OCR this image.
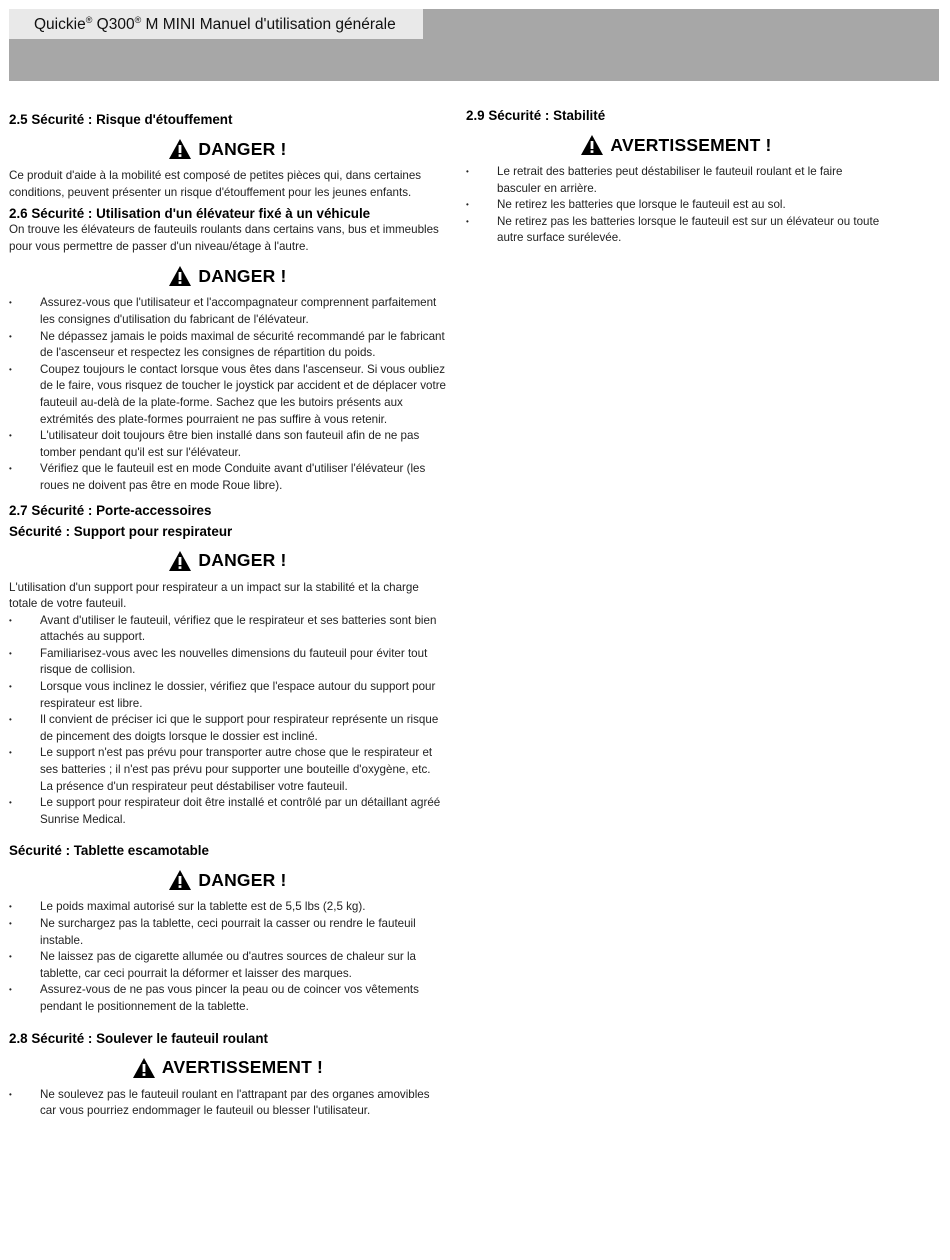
Quickie® Q300® M MINI Manuel d'utilisation générale
2.5 Sécurité : Risque d'étouffement
DANGER !

Ce produit d'aide à la mobilité est composé de petites pièces qui, dans certaines conditions, peuvent présenter un risque d'étouffement pour les jeunes enfants.

2.6 Sécurité : Utilisation d'un élévateur fixé à un véhicule

On trouve les élévateurs de fauteuils roulants dans certains vans, bus et immeubles pour vous permettre de passer d'un niveau/étage à l'autre.

DANGER !
• Assurez-vous que l'utilisateur et l'accompagnateur comprennent parfaitement les consignes d'utilisation du fabricant de l'élévateur.
• Ne dépassez jamais le poids maximal de sécurité recommandé par le fabricant de l'ascenseur et respectez les consignes de répartition du poids.
• Coupez toujours le contact lorsque vous êtes dans l'ascenseur. Si vous oubliez de le faire, vous risquez de toucher le joystick par accident et de déplacer votre fauteuil au-delà de la plate-forme. Sachez que les butoirs présents aux extrémités des plate-formes pourraient ne pas suffire à vous retenir.
• L'utilisateur doit toujours être bien installé dans son fauteuil afin de ne pas tomber pendant qu'il est sur l'élévateur.
• Vérifiez que le fauteuil est en mode Conduite avant d'utiliser l'élévateur (les roues ne doivent pas être en mode Roue libre).
2.7 Sécurité : Porte-accessoires
Sécurité : Support pour respirateur
DANGER !

L'utilisation d'un support pour respirateur a un impact sur la stabilité et la charge totale de votre fauteuil.

• Avant d'utiliser le fauteuil, vérifiez que le respirateur et ses batteries sont bien attachés au support.
• Familiarisez-vous avec les nouvelles dimensions du fauteuil pour éviter tout risque de collision.
• Lorsque vous inclinez le dossier, vérifiez que l'espace autour du support pour respirateur est libre.
• Il convient de préciser ici que le support pour respirateur représente un risque de pincement des doigts lorsque le dossier est incliné.
• Le support n'est pas prévu pour transporter autre chose que le respirateur et ses batteries ; il n'est pas prévu pour supporter une bouteille d'oxygène, etc. La présence d'un respirateur peut déstabiliser votre fauteuil.
• Le support pour respirateur doit être installé et contrôlé par un détaillant agréé Sunrise Medical.
Sécurité : Tablette escamotable
DANGER !
• Le poids maximal autorisé sur la tablette est de 5,5 lbs (2,5 kg).
• Ne surchargez pas la tablette, ceci pourrait la casser ou rendre le fauteuil instable.
• Ne laissez pas de cigarette allumée ou d'autres sources de chaleur sur la tablette, car ceci pourrait la déformer et laisser des marques.
• Assurez-vous de ne pas vous pincer la peau ou de coincer vos vêtements pendant le positionnement de la tablette.
2.8 Sécurité : Soulever le fauteuil roulant
AVERTISSEMENT !
• Ne soulevez pas le fauteuil roulant en l'attrapant par des organes amovibles car vous pourriez endommager le fauteuil ou blesser l'utilisateur.
2.9 Sécurité : Stabilité
AVERTISSEMENT !
• Le retrait des batteries peut déstabiliser le fauteuil roulant et le faire basculer en arrière.
• Ne retirez les batteries que lorsque le fauteuil est au sol.
• Ne retirez pas les batteries lorsque le fauteuil est sur un élévateur ou toute autre surface surélevée.
